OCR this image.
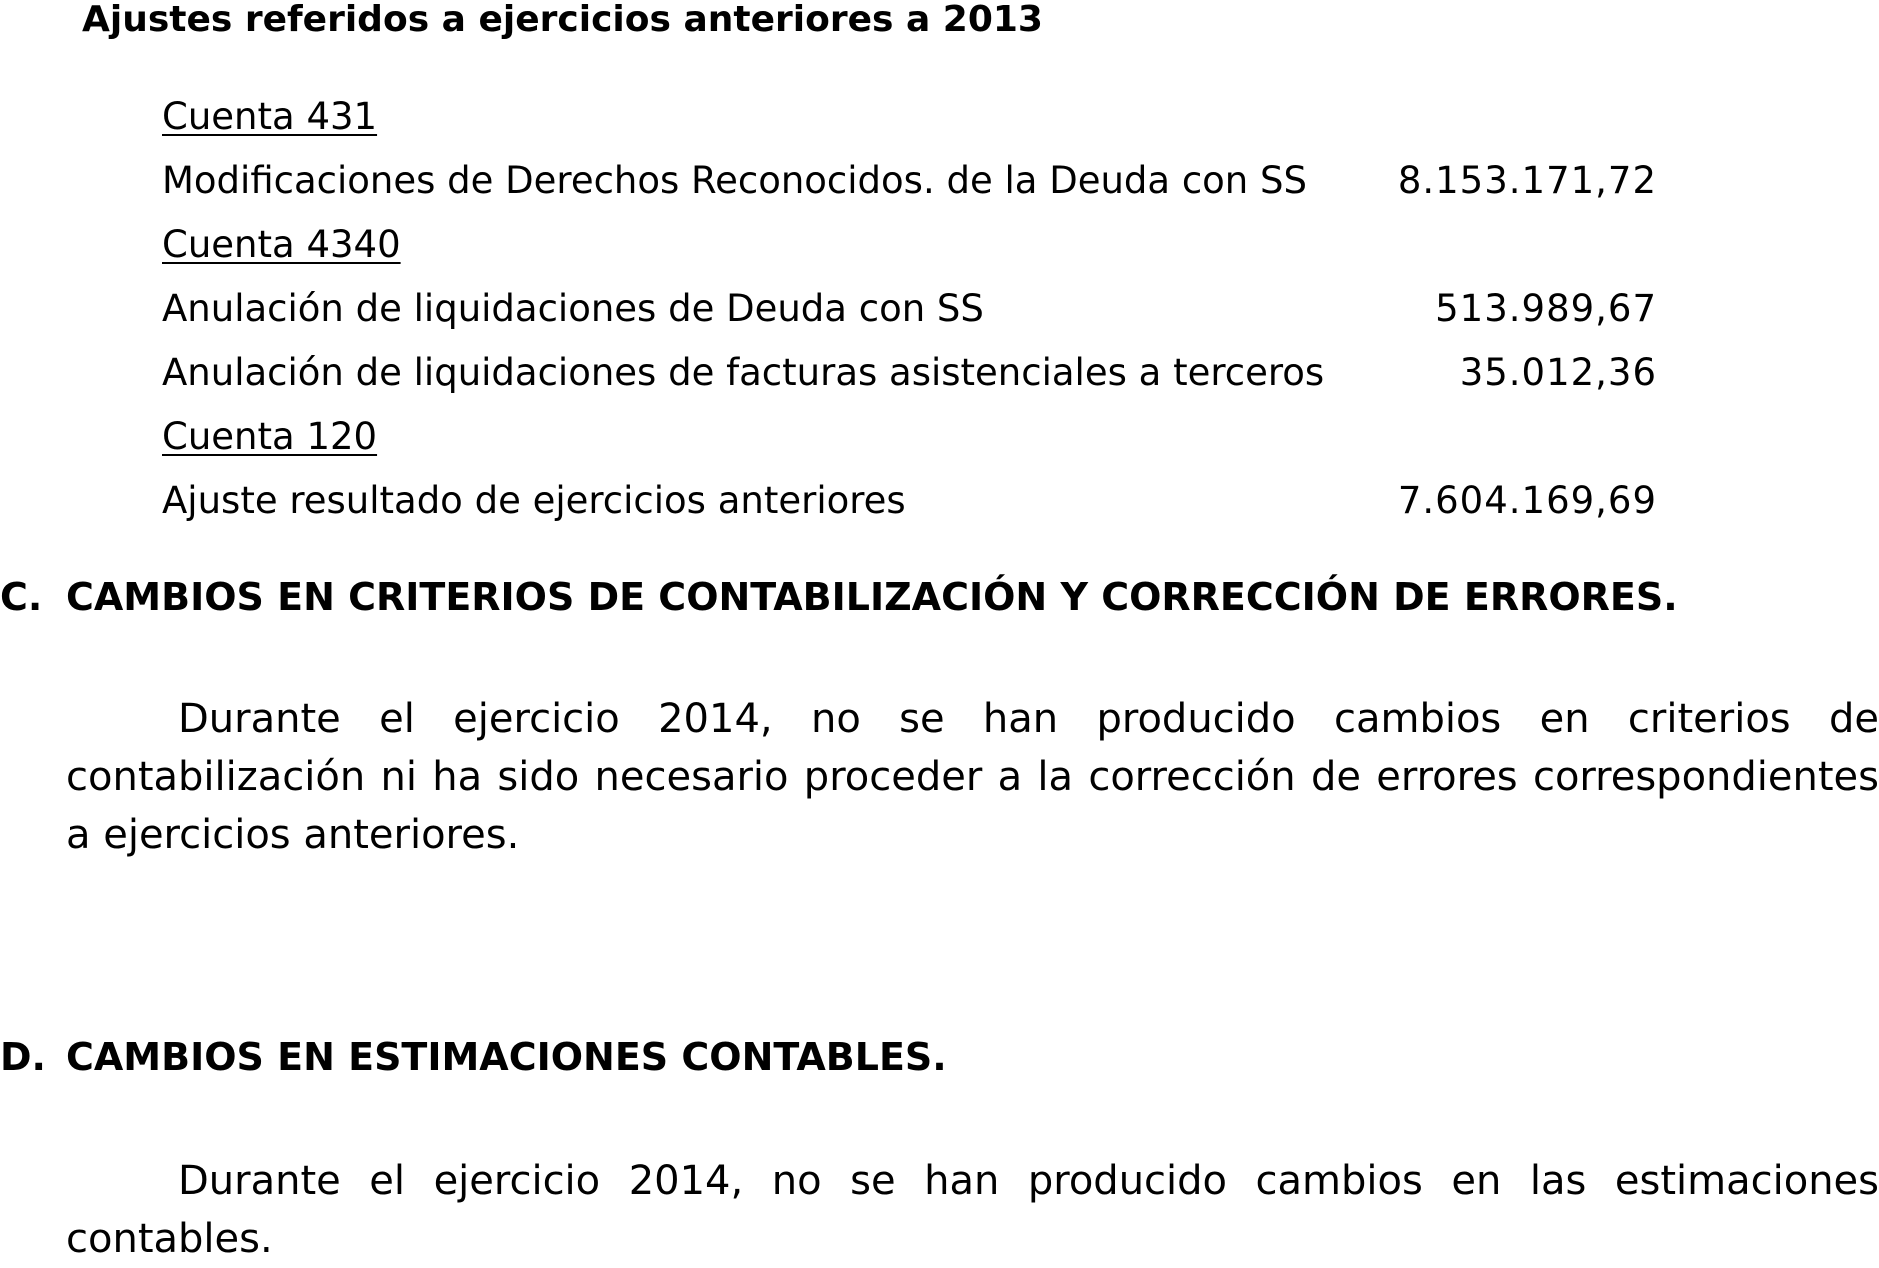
Ajustes referidos a ejercicios anteriores a 2013
Cuenta 431
Modificaciones de Derechos Reconocidos. de la Deuda con SS 8.153.171,72
Cuenta 4340
Anulación de liquidaciones de Deuda con SS	513.989,67
Anulación de liquidaciones de facturas asistenciales a terceros	35.012,36
Cuenta 120
Ajuste resultado de ejercicios anteriores	7.604.169,69
C. CAMBIOS EN CRITERIOS DE CONTABILIZACIÓN Y CORRECCIÓN DE ERRORES.
Durante el ejercicio 2014, no se han producido cambios en criterios de contabilización ni ha sido necesario proceder a la corrección de errores correspondientes a ejercicios anteriores.
D. CAMBIOS EN ESTIMACIONES CONTABLES.
Durante el ejercicio 2014, no se han producido cambios en las estimaciones contables.
